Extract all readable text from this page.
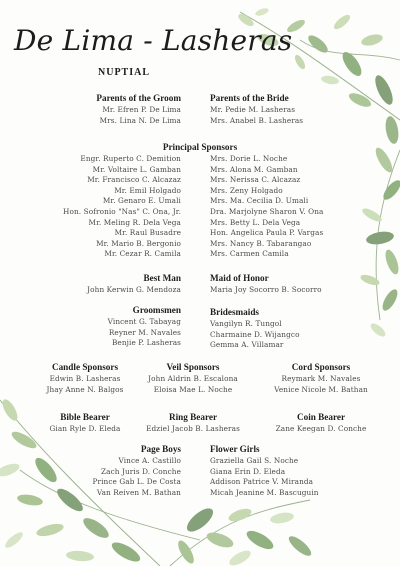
De Lima - Lasheras
NUPTIAL
Parents of the Groom
Mr. Efren P. De Lima
Mrs. Lina N. De Lima
Parents of the Bride
Mr. Pedie M. Lasheras
Mrs. Anabel B. Lasheras
Principal Sponsors
Engr. Ruperto C. Demition
Mr. Voltaire L. Gamban
Mr. Francisco C. Alcazaz
Mr. Emil Holgado
Mr. Genaro E. Umali
Hon. Sofronio "Nas" C. Ona, Jr.
Mr. Meling R. Dela Vega
Mr. Raul Busadre
Mr. Mario B. Bergonio
Mr. Cezar R. Camila
Mrs. Dorie L. Noche
Mrs. Alona M. Gamban
Mrs. Nerissa C. Alcazaz
Mrs. Zeny Holgado
Mrs. Ma. Cecilia D. Umali
Dra. Marjolyne Sharon V. Ona
Mrs. Betty L. Dela Vega
Hon. Angelica Paula P. Vargas
Mrs. Nancy B. Tabarangao
Mrs. Carmen Camila
Best Man
John Kerwin G. Mendoza
Maid of Honor
Maria Joy Socorro B. Socorro
Groomsmen
Vincent G. Tabayag
Reyner M. Navales
Benjie P. Lasheras
Bridesmaids
Vangilyn R. Tungol
Charmaine D. Wijangco
Gemma A. Villamar
Candle Sponsors
Edwin B. Lasheras
Jhay Anne N. Balgos
Veil Sponsors
John Aldrin B. Escalona
Eloisa Mae L. Noche
Cord Sponsors
Reymark M. Navales
Venice Nicole M. Bathan
Bible Bearer
Gian Ryle D. Eleda
Ring Bearer
Edziel Jacob B. Lasheras
Coin Bearer
Zane Keegan D. Conche
Page Boys
Vince A. Castillo
Zach Juris D. Conche
Prince Gab L. De Costa
Van Reiven M. Bathan
Flower Girls
Graziella Gail S. Noche
Giana Erin D. Eleda
Addison Patrice V. Miranda
Micah Jeanine M. Bascuguin
